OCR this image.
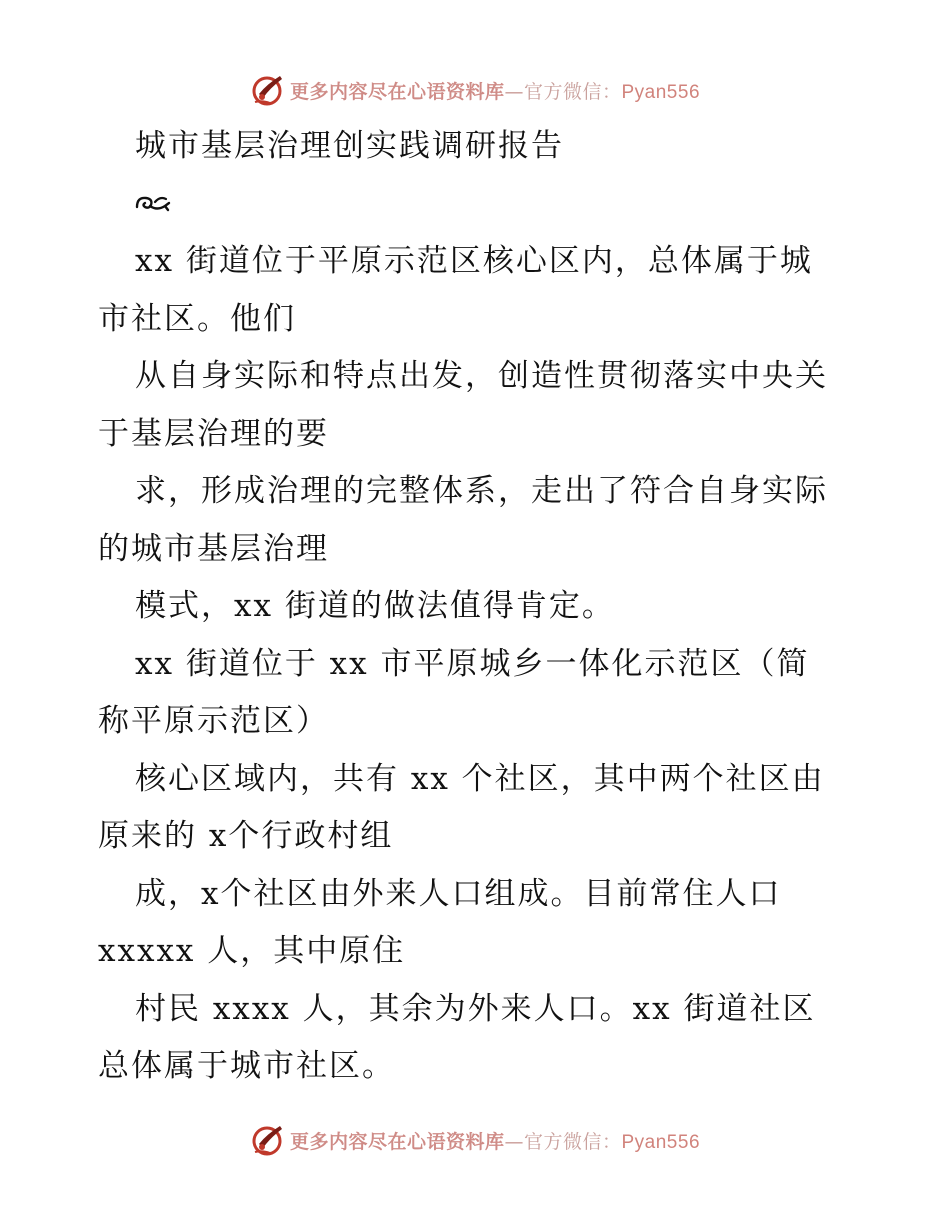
更多内容尽在心语资料库—官方微信：Pyan556
城市基层治理创实践调研报告
xx 街道位于平原示范区核心区内，总体属于城
市社区。他们
从自身实际和特点出发，创造性贯彻落实中央关
于基层治理的要
求，形成治理的完整体系，走出了符合自身实际
的城市基层治理
模式，xx 街道的做法值得肯定。
xx 街道位于 xx 市平原城乡一体化示范区（简
称平原示范区）
核心区域内，共有 xx 个社区，其中两个社区由
原来的 x个行政村组
成，x个社区由外来人口组成。目前常住人口
xxxxx 人，其中原住
村民 xxxx 人，其余为外来人口。xx 街道社区
总体属于城市社区。
更多内容尽在心语资料库—官方微信：Pyan556
